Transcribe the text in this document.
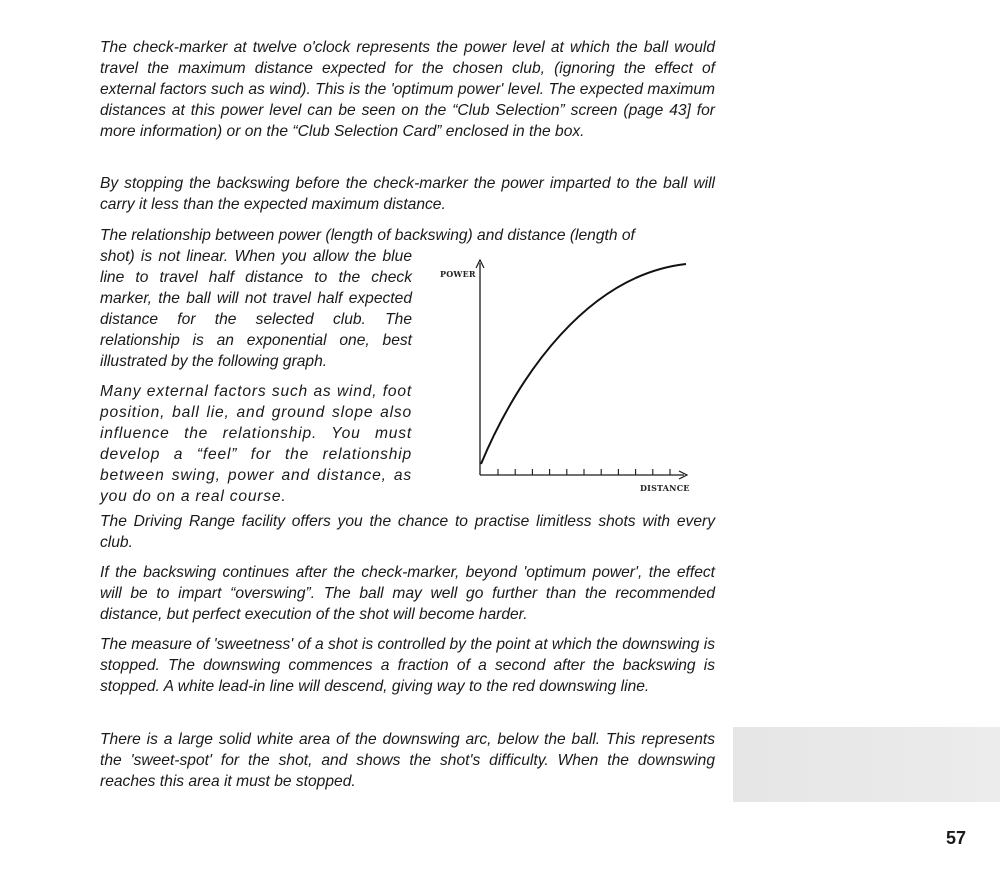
The check-marker at twelve o'clock represents the power level at which the ball would travel the maximum distance expected for the chosen club, (ignoring the effect of external factors such as wind). This is the 'optimum power' level. The expected maximum distances at this power level can be seen on the “Club Selection” screen (page 43] for more information) or on the “Club Selection Card” enclosed in the box.

By stopping the backswing before the check-marker the power imparted to the ball will carry it less than the expected maximum distance.

The relationship between power (length of backswing) and distance (length of

shot) is not linear. When you allow the blue line to travel half distance to the check marker, the ball will not travel half expected distance for the selected club. The relationship is an exponential one, best illustrated by the following graph.

Many external factors such as wind, foot position, ball lie, and ground slope also influence the relationship. You must develop a “feel” for the relationship between swing, power and distance, as you do on a real course.

The Driving Range facility offers you the chance to practise limitless shots with every club.

If the backswing continues after the check-marker, beyond 'optimum power', the effect will be to impart “overswing”. The ball may well go further than the recommended distance, but perfect execution of the shot will become harder.

The measure of 'sweetness' of a shot is controlled by the point at which the downswing is stopped. The downswing commences a fraction of a second after the backswing is stopped. A white lead-in line will descend, giving way to the red downswing line.

There is a large solid white area of the downswing arc, below the ball. This represents the 'sweet-spot' for the shot, and shows the shot's difficulty. When the downswing reaches this area it must be stopped.

POWER
DISTANCE
57
